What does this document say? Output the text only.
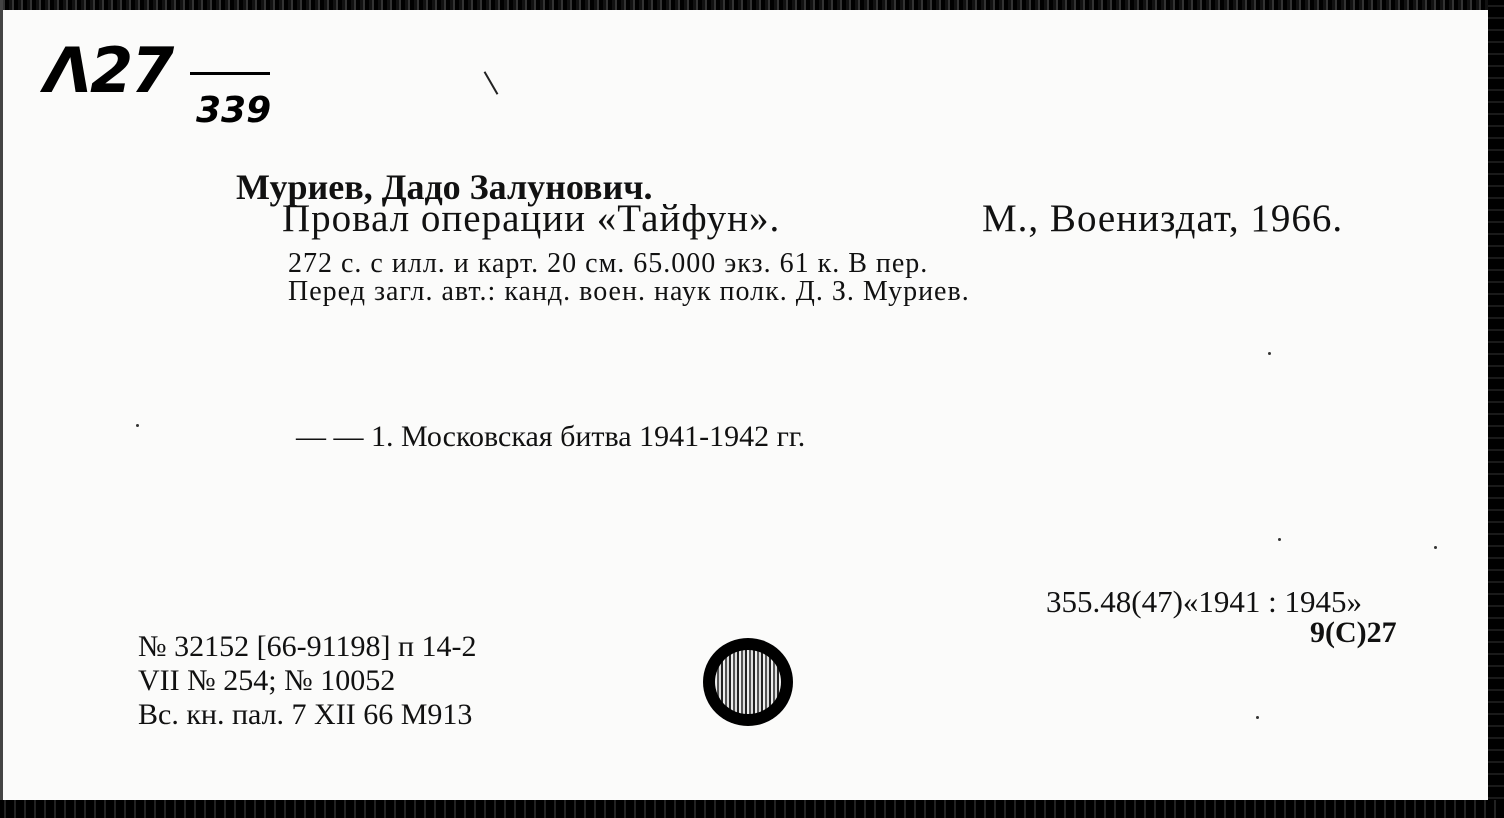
Λ27
339
Муриев, Дадо Залунович.
Провал операции «Тайфун».	М., Воениздат, 1966.
272 с. с илл. и карт. 20 см. 65.000 экз. 61 к. В пер.
Перед загл. авт.: канд. воен. наук полк. Д. З. Муриев.
— — 1. Московская битва 1941-1942 гг.
355.48(47)«1941 : 1945»
9(С)27
№ 32152 [66-91198] п 14-2
VII № 254; № 10052
Вс. кн. пал. 7 XII 66 М913
